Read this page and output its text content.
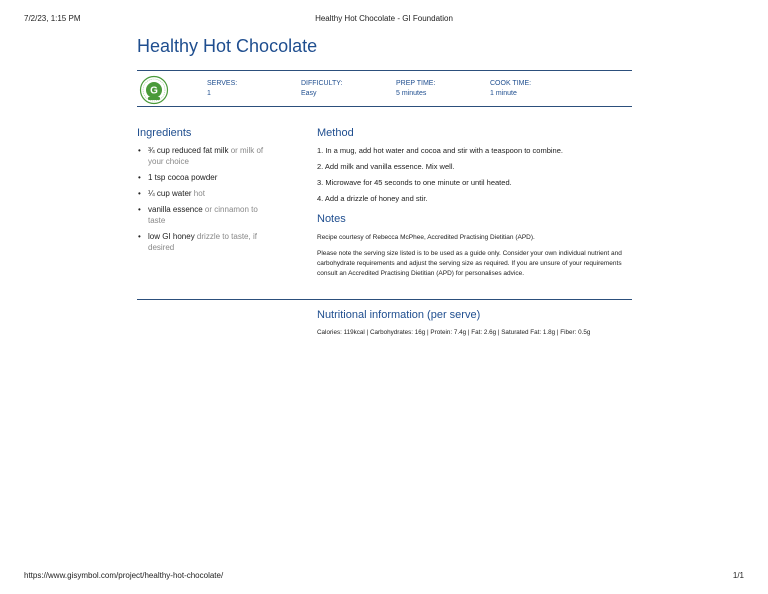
7/2/23, 1:15 PM	Healthy Hot Chocolate - GI Foundation
Healthy Hot Chocolate
G
SERVES:
1
DIFFICULTY:
Easy
PREP TIME:
5 minutes
COOK TIME:
1 minute
Ingredients
• ¾ cup reduced fat milk or milk of your choice
• 1 tsp cocoa powder
• ¼ cup water hot
• vanilla essence or cinnamon to taste
• low GI honey drizzle to taste, if desired
Method
1. In a mug, add hot water and cocoa and stir with a teaspoon to combine.
2. Add milk and vanilla essence. Mix well.
3. Microwave for 45 seconds to one minute or until heated.
4. Add a drizzle of honey and stir.
Notes

Recipe courtesy of Rebecca McPhee, Accredited Practising Dietitian (APD).

Please note the serving size listed is to be used as a guide only. Consider your own individual nutrient and carbohydrate requirements and adjust the serving size as required. If you are unsure of your requirements consult an Accredited Practising Dietitian (APD) for personalises advice.

Nutritional information (per serve)

Calories: 119kcal | Carbohydrates: 16g | Protein: 7.4g | Fat: 2.6g | Saturated Fat: 1.8g | Fiber: 0.5g

https://www.gisymbol.com/project/healthy-hot-chocolate/	1/1
